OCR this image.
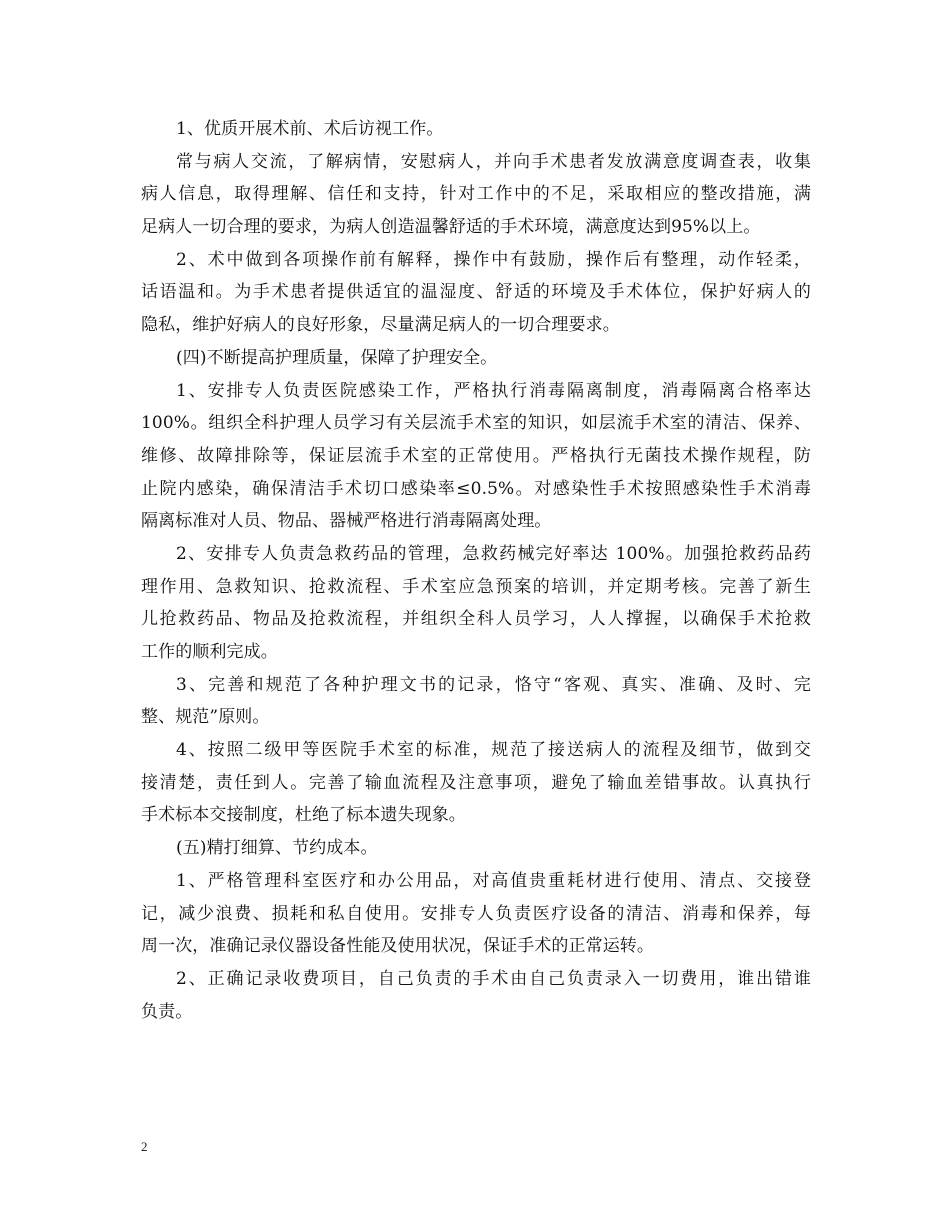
1、优质开展术前、术后访视工作。
常与病人交流，了解病情，安慰病人，并向手术患者发放满意度调查表，收集
病人信息，取得理解、信任和支持，针对工作中的不足，采取相应的整改措施，满
足病人一切合理的要求，为病人创造温馨舒适的手术环境，满意度达到95%以上。
2、术中做到各项操作前有解释，操作中有鼓励，操作后有整理，动作轻柔，
话语温和。为手术患者提供适宜的温湿度、舒适的环境及手术体位，保护好病人的
隐私，维护好病人的良好形象，尽量满足病人的一切合理要求。
(四)不断提高护理质量，保障了护理安全。
1、安排专人负责医院感染工作，严格执行消毒隔离制度，消毒隔离合格率达
100%。组织全科护理人员学习有关层流手术室的知识，如层流手术室的清洁、保养、
维修、故障排除等，保证层流手术室的正常使用。严格执行无菌技术操作规程，防
止院内感染，确保清洁手术切口感染率≤0.5%。对感染性手术按照感染性手术消毒
隔离标准对人员、物品、器械严格进行消毒隔离处理。
2、安排专人负责急救药品的管理，急救药械完好率达 100%。加强抢救药品药
理作用、急救知识、抢救流程、手术室应急预案的培训，并定期考核。完善了新生
儿抢救药品、物品及抢救流程，并组织全科人员学习，人人撑握，以确保手术抢救
工作的顺利完成。
3、完善和规范了各种护理文书的记录，恪守“客观、真实、准确、及时、完
整、规范”原则。
4、按照二级甲等医院手术室的标准，规范了接送病人的流程及细节，做到交
接清楚，责任到人。完善了输血流程及注意事项，避免了输血差错事故。认真执行
手术标本交接制度，杜绝了标本遗失现象。
(五)精打细算、节约成本。
1、严格管理科室医疗和办公用品，对高值贵重耗材进行使用、清点、交接登
记，减少浪费、损耗和私自使用。安排专人负责医疗设备的清洁、消毒和保养，每
周一次，准确记录仪器设备性能及使用状况，保证手术的正常运转。
2、正确记录收费项目，自己负责的手术由自己负责录入一切费用，谁出错谁
负责。
2
